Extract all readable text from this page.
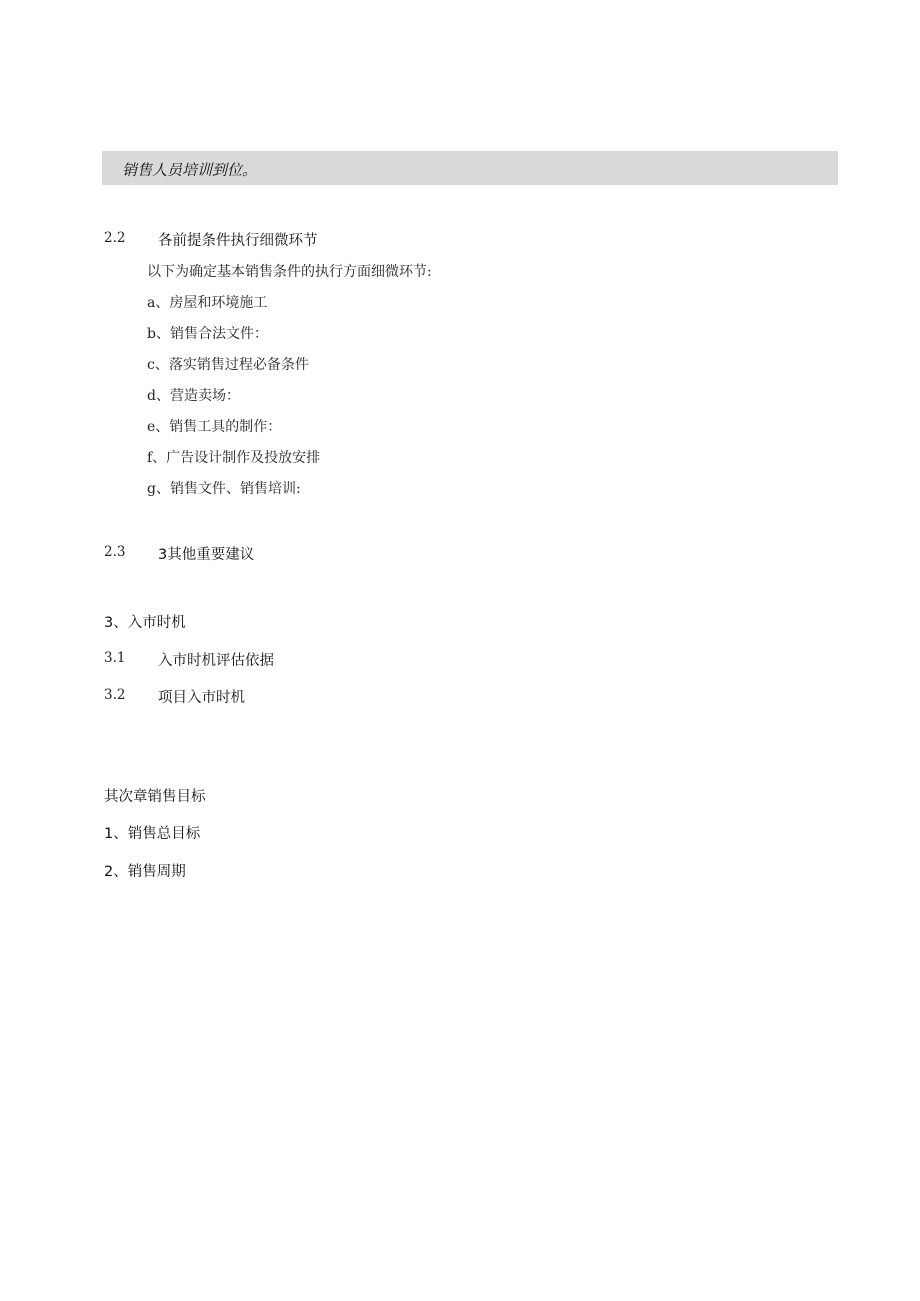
销售人员培训到位。
2.2 各前提条件执行细微环节
以下为确定基本销售条件的执行方面细微环节:
a、房屋和环境施工
b、销售合法文件：
c、落实销售过程必备条件
d、营造卖场：
e、销售工具的制作：
f、广告设计制作及投放安排
g、销售文件、销售培训:
2.3 3其他重要建议
3、入市时机
3.1 入市时机评估依据
3.2 项目入市时机
其次章销售目标
1、销售总目标
2、销售周期
